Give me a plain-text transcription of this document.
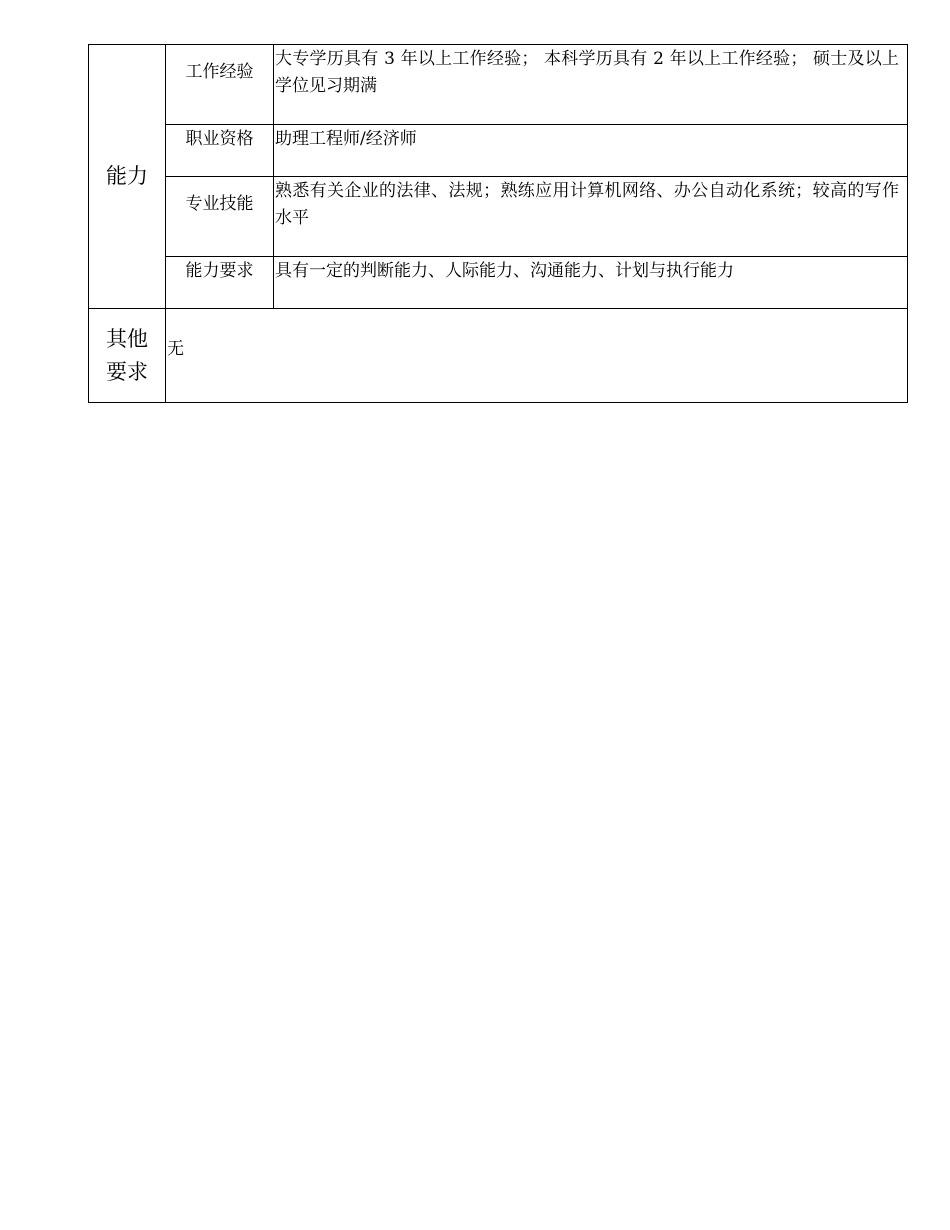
能力	工作经验	大专学历具有 3 年以上工作经验； 本科学历具有 2 年以上工作经验； 硕士及以上学位见习期满
	职业资格	助理工程师/经济师
	专业技能	熟悉有关企业的法律、法规；熟练应用计算机网络、办公自动化系统；较高的写作水平
	能力要求	具有一定的判断能力、人际能力、沟通能力、计划与执行能力
其他要求	无	
